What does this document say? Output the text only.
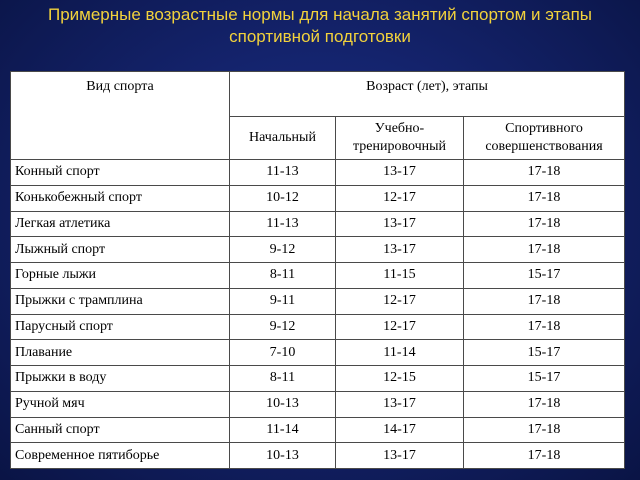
Примерные возрастные нормы для начала занятий спортом и этапы
спортивной подготовки
Вид спорта	Возраст (лет), этапы		
	Начальный	Учебно-тренировочный	Спортивного совершенствования
Конный спорт	11-13	13-17	17-18
Конькобежный спорт	10-12	12-17	17-18
Легкая атлетика	11-13	13-17	17-18
Лыжный спорт	9-12	13-17	17-18
Горные лыжи	8-11	11-15	15-17
Прыжки с трамплина	9-11	12-17	17-18
Парусный спорт	9-12	12-17	17-18
Плавание	7-10	11-14	15-17
Прыжки в воду	8-11	12-15	15-17
Ручной мяч	10-13	13-17	17-18
Санный спорт	11-14	14-17	17-18
Современное пятиборье	10-13	13-17	17-18
